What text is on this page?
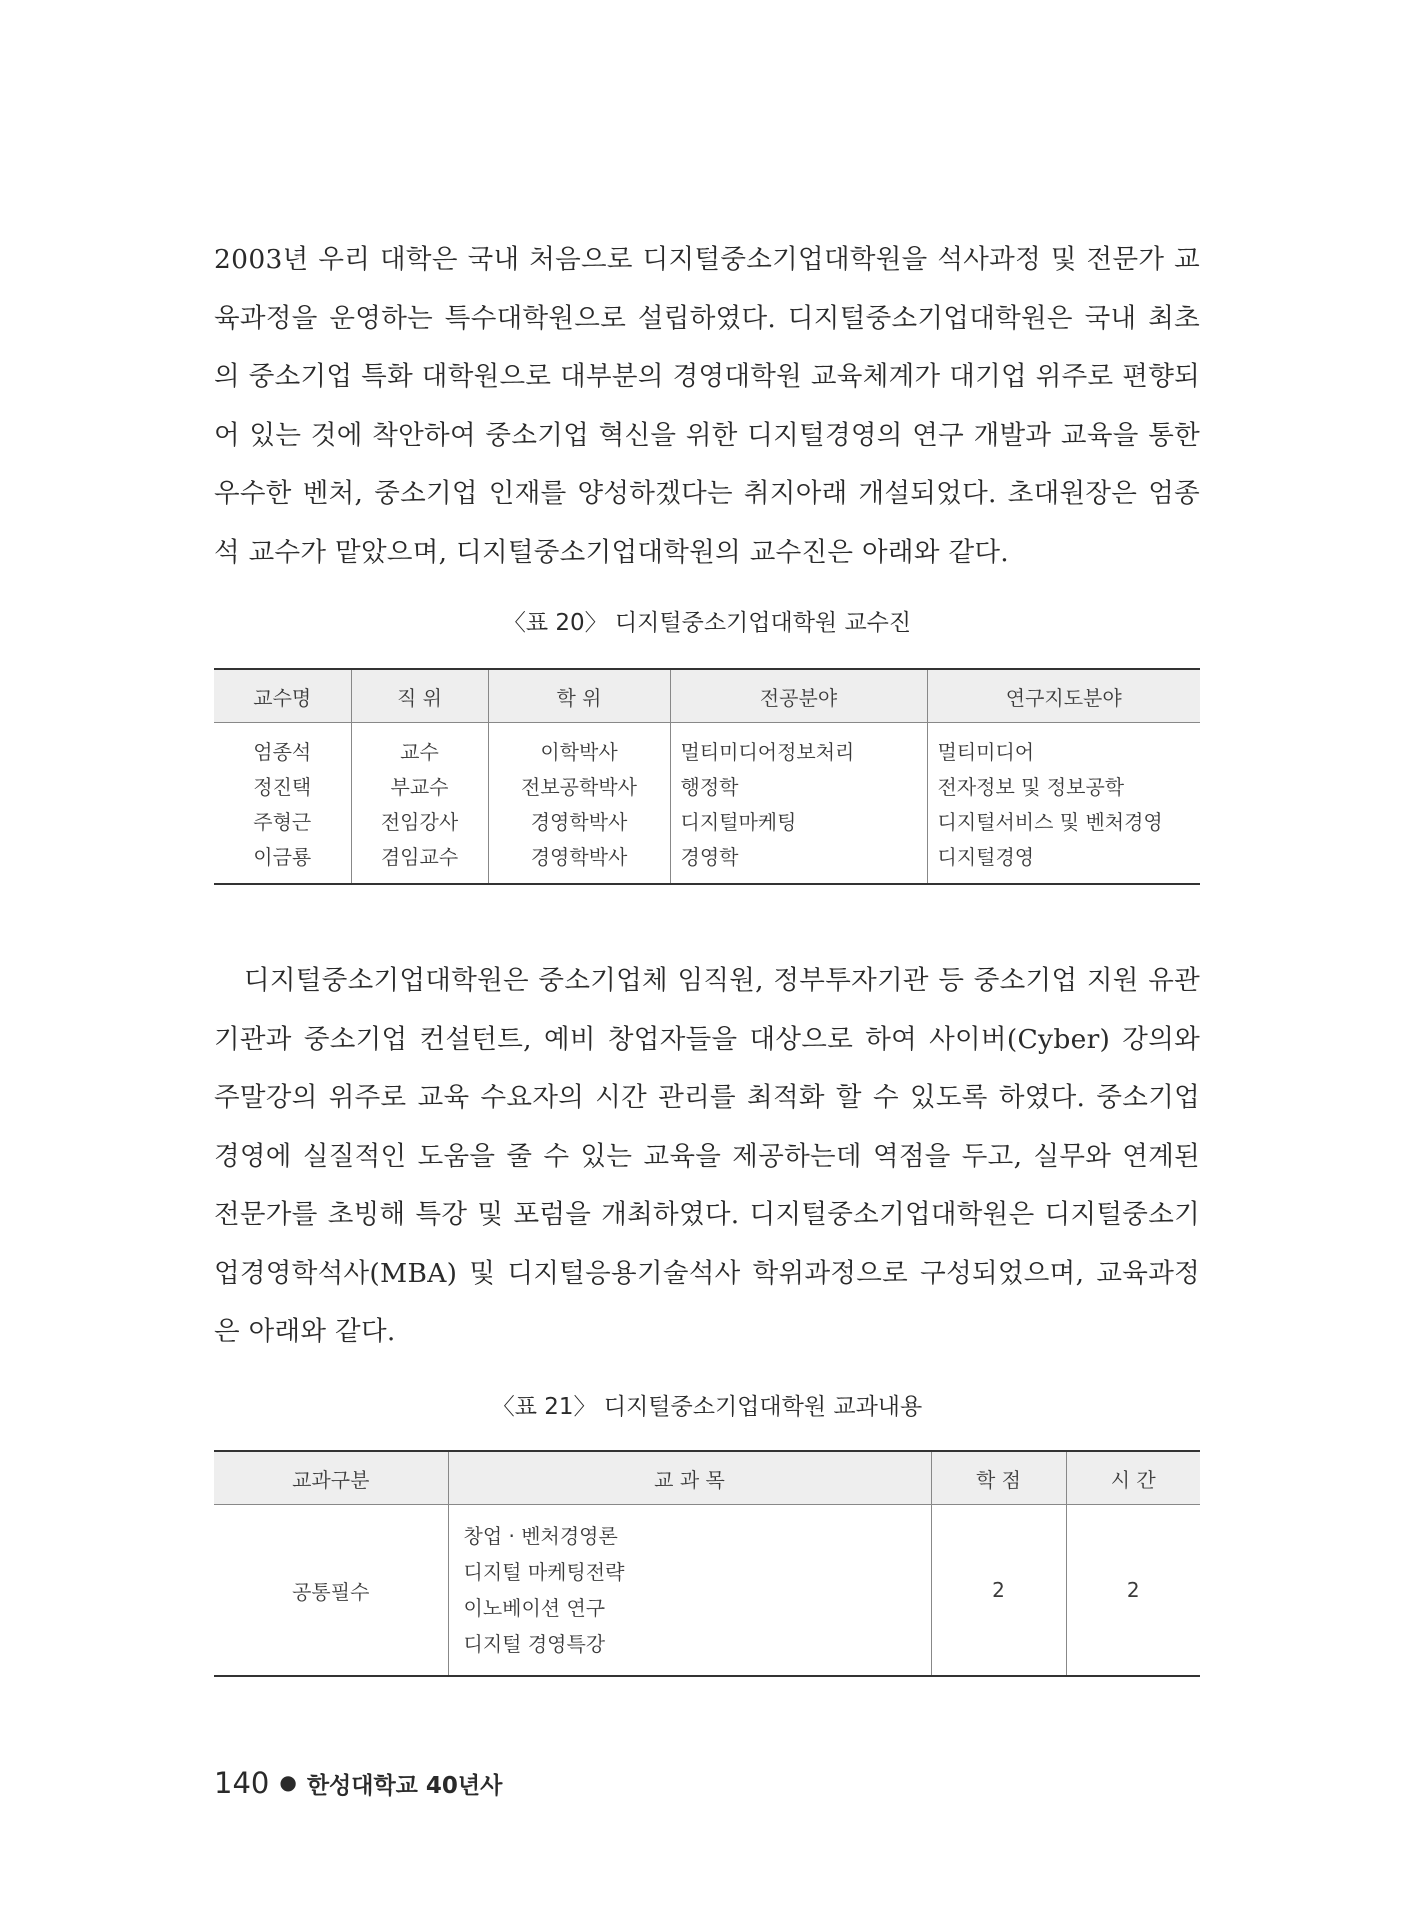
2003년 우리 대학은 국내 처음으로 디지털중소기업대학원을 석사과정 및 전문가 교육과정을 운영하는 특수대학원으로 설립하였다. 디지털중소기업대학원은 국내 최초의 중소기업 특화 대학원으로 대부분의 경영대학원 교육체계가 대기업 위주로 편향되어 있는 것에 착안하여 중소기업 혁신을 위한 디지털경영의 연구 개발과 교육을 통한 우수한 벤처, 중소기업 인재를 양성하겠다는 취지아래 개설되었다. 초대원장은 엄종석 교수가 맡았으며, 디지털중소기업대학원의 교수진은 아래와 같다.

〈표 20〉 디지털중소기업대학원 교수진
교수명	직 위	학 위	전공분야	연구지도분야
엄종석	교수	이학박사	멀티미디어정보처리	멀티미디어
정진택	부교수	전보공학박사	행정학	전자정보 및 정보공학
주형근	전임강사	경영학박사	디지털마케팅	디지털서비스 및 벤처경영
이금룡	겸임교수	경영학박사	경영학	디지털경영

디지털중소기업대학원은 중소기업체 임직원, 정부투자기관 등 중소기업 지원 유관기관과 중소기업 컨설턴트, 예비 창업자들을 대상으로 하여 사이버(Cyber) 강의와 주말강의 위주로 교육 수요자의 시간 관리를 최적화 할 수 있도록 하였다. 중소기업 경영에 실질적인 도움을 줄 수 있는 교육을 제공하는데 역점을 두고, 실무와 연계된 전문가를 초빙해 특강 및 포럼을 개최하였다. 디지털중소기업대학원은 디지털중소기업경영학석사(MBA) 및 디지털응용기술석사 학위과정으로 구성되었으며, 교육과정은 아래와 같다.

〈표 21〉 디지털중소기업대학원 교과내용
교과구분	교 과 목	학 점	시 간
공통필수	창업 · 벤처경영론
디지털 마케팅전략
이노베이션 연구
디지털 경영특강	2	2
140 ● 한성대학교 40년사
